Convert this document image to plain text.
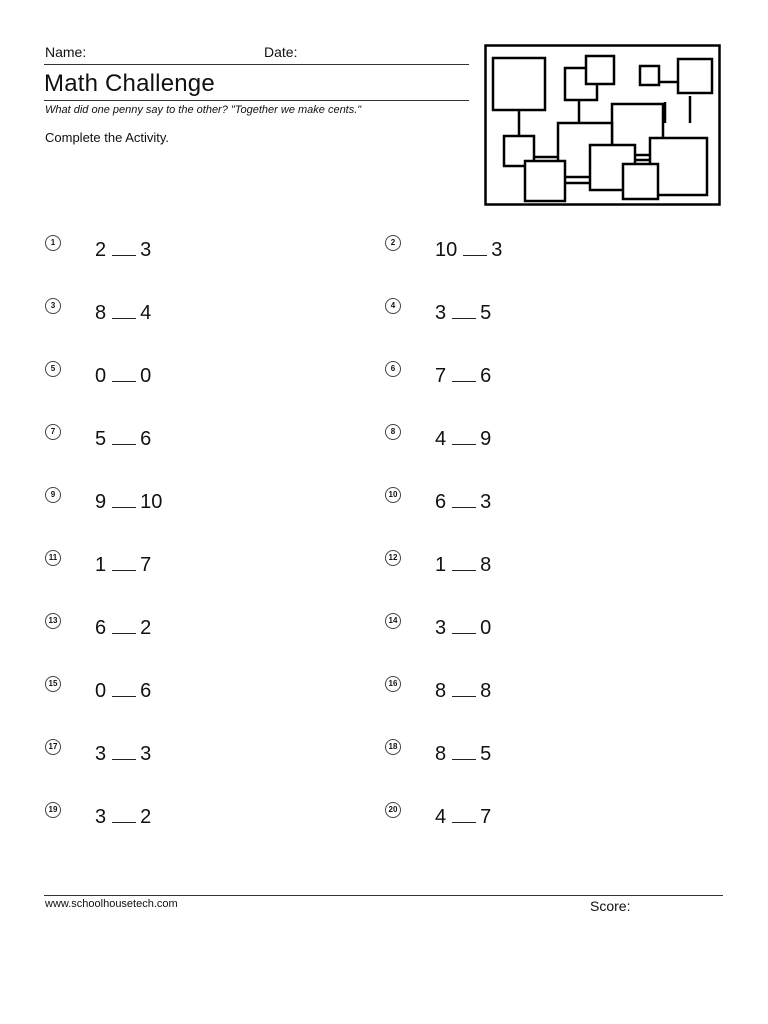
Name:	Date:
Math Challenge
What did one penny say to the other? "Together we make cents."
Complete the Activity.
1 2 3	2 10 3
3 8 4	4 3 5
5 0 0	6 7 6
7 5 6	8 4 9
9 9 10	10 6 3
11 1 7	12 1 8
13 6 2	14 3 0
15 0 6	16 8 8
17 3 3	18 8 5
19 3 2	20 4 7
www.schoolhousetech.com	Score:
